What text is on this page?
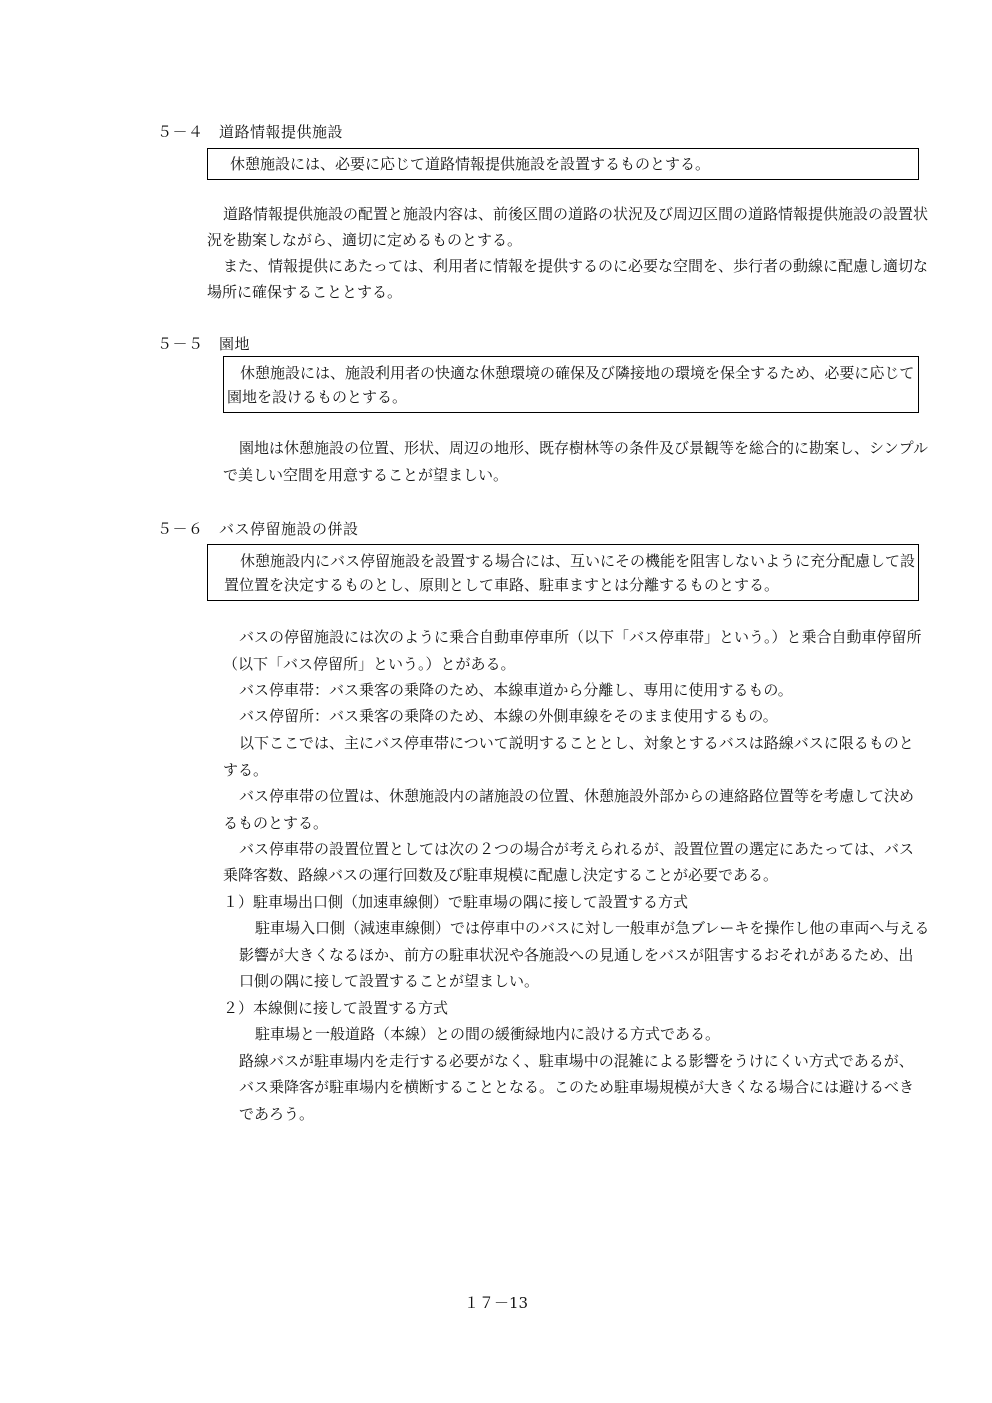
５－４　道路情報提供施設
休憩施設には、必要に応じて道路情報提供施設を設置するものとする。
道路情報提供施設の配置と施設内容は、前後区間の道路の状況及び周辺区間の道路情報提供施設の設置状
況を勘案しながら、適切に定めるものとする。
また、情報提供にあたっては、利用者に情報を提供するのに必要な空間を、歩行者の動線に配慮し適切な
場所に確保することとする。
５－５　園地
休憩施設には、施設利用者の快適な休憩環境の確保及び隣接地の環境を保全するため、必要に応じて
園地を設けるものとする。
園地は休憩施設の位置、形状、周辺の地形、既存樹林等の条件及び景観等を総合的に勘案し、シンプル
で美しい空間を用意することが望ましい。
５－６　バス停留施設の併設
休憩施設内にバス停留施設を設置する場合には、互いにその機能を阻害しないように充分配慮して設
置位置を決定するものとし、原則として車路、駐車ますとは分離するものとする。
バスの停留施設には次のように乗合自動車停車所（以下「バス停車帯」という。）と乗合自動車停留所
（以下「バス停留所」という。）とがある。
バス停車帯：バス乗客の乗降のため、本線車道から分離し、専用に使用するもの。
バス停留所：バス乗客の乗降のため、本線の外側車線をそのまま使用するもの。
以下ここでは、主にバス停車帯について説明することとし、対象とするバスは路線バスに限るものと
する。
バス停車帯の位置は、休憩施設内の諸施設の位置、休憩施設外部からの連絡路位置等を考慮して決め
るものとする。
バス停車帯の設置位置としては次の２つの場合が考えられるが、設置位置の選定にあたっては、バス
乗降客数、路線バスの運行回数及び駐車規模に配慮し決定することが必要である。
１）駐車場出口側（加速車線側）で駐車場の隅に接して設置する方式
駐車場入口側（減速車線側）では停車中のバスに対し一般車が急ブレーキを操作し他の車両へ与える
影響が大きくなるほか、前方の駐車状況や各施設への見通しをバスが阻害するおそれがあるため、出
口側の隅に接して設置することが望ましい。
２）本線側に接して設置する方式
駐車場と一般道路（本線）との間の緩衝緑地内に設ける方式である。
路線バスが駐車場内を走行する必要がなく、駐車場中の混雑による影響をうけにくい方式であるが、
バス乗降客が駐車場内を横断することとなる。このため駐車場規模が大きくなる場合には避けるべき
であろう。
１７－13
